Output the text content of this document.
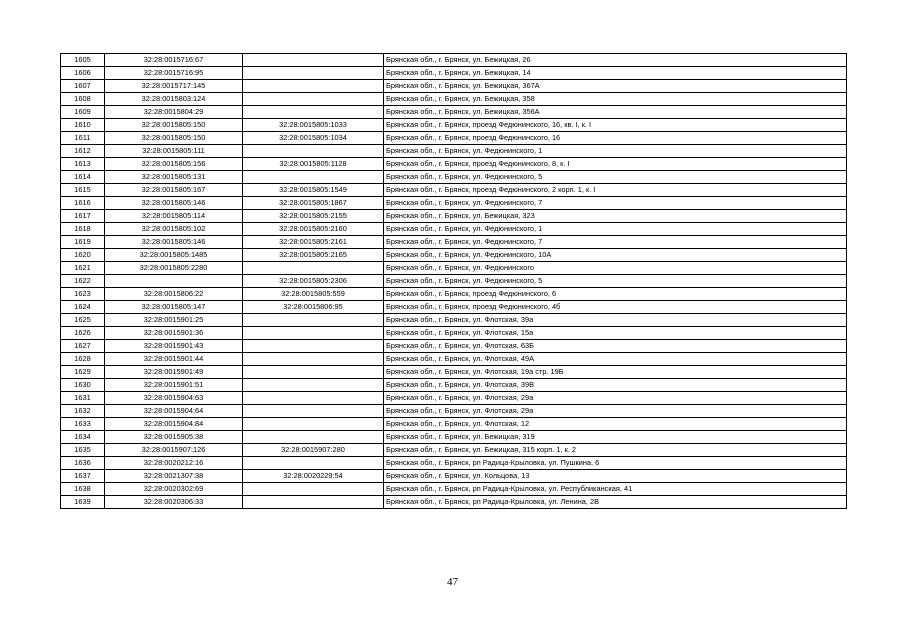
1605	32:28:0015716:67		Брянская обл., г. Брянск, ул. Бежицкая, 26
1606	32:28:0015716:95		Брянская обл., г. Брянск, ул. Бежицкая, 14
1607	32:28:0015717:145		Брянская обл., г. Брянск, ул. Бежицкая, 367А
1608	32:28:0015803:124		Брянская обл., г. Брянск, ул. Бежицкая, 358
1609	32:28:0015804:29		Брянская обл., г. Брянск, ул. Бежицкая, 356А
1610	32:28:0015805:150	32:28:0015805:1033	Брянская обл., г. Брянск, проезд Федюнинского, 16, кв. I, к. I
1611	32:28:0015805:150	32:28:0015805:1034	Брянская обл., г. Брянск, проезд Федюнинского, 16
1612	32:28:0015805:111		Брянская обл., г. Брянск, ул. Федюнинского, 1
1613	32:28:0015805:156	32:28:0015805:1128	Брянская обл., г. Брянск, проезд Федюнинского, 8, к. I
1614	32:28:0015805:131		Брянская обл., г. Брянск, ул. Федюнинского, 5
1615	32:28:0015805:167	32:28:0015805:1549	Брянская обл., г. Брянск, проезд Федюнинского, 2 корп. 1, к. I
1616	32:28:0015805:146	32:28:0015805:1867	Брянская обл., г. Брянск, ул. Федюнинского, 7
1617	32:28:0015805:114	32:28:0015805:2155	Брянская обл., г. Брянск, ул. Бежицкая, 323
1618	32:28:0015805:102	32:28:0015805:2160	Брянская обл., г. Брянск, ул. Федюнинского, 1
1619	32:28:0015805:146	32:28:0015805:2161	Брянская обл., г. Брянск, ул. Федюнинского, 7
1620	32:28:0015805:1485	32:28:0015805:2165	Брянская обл., г. Брянск, ул. Федюнинского, 10А
1621	32:28:0015805:2280		Брянская обл., г. Брянск, ул. Федюнинского
1622		32:28:0015805:2306	Брянская обл., г. Брянск, ул. Федюнинского, 5
1623	32:28:0015806:22	32:28:0015805:559	Брянская обл., г. Брянск, проезд Федюнинского, 6
1624	32:28:0015805:147	32:28:0015806:95	Брянская обл., г. Брянск, проезд Федюнинского, 4б
1625	32:28:0015901:25		Брянская обл., г. Брянск, ул. Флотская, 39а
1626	32:28:0015901:36		Брянская обл., г. Брянск, ул. Флотская, 15а
1627	32:28:0015901:43		Брянская обл., г. Брянск, ул. Флотская, 63Б
1628	32:28:0015901:44		Брянская обл., г. Брянск, ул. Флотская, 49А
1629	32:28:0015901:49		Брянская обл., г. Брянск, ул. Флотская, 19а стр. 19Б
1630	32:28:0015901:51		Брянская обл., г. Брянск, ул. Флотская, 39В
1631	32:28:0015904:63		Брянская обл., г. Брянск, ул. Флотская, 29а
1632	32:28:0015904:64		Брянская обл., г. Брянск, ул. Флотская, 29а
1633	32:28:0015904:84		Брянская обл., г. Брянск, ул. Флотская, 12
1634	32:28:0015905:38		Брянская обл., г. Брянск, ул. Бежицкая, 319
1635	32:28:0015907:126	32:28:0015907:280	Брянская обл., г. Брянск, ул. Бежицкая, 315 корп. 1, к. 2
1636	32:28:0020212:16		Брянская обл., г. Брянск, рп Радица-Крыловка, ул. Пушкина, 6
1637	32:28:0021307:38	32:28:0020229:54	Брянская обл., г. Брянск, ул. Кольцова, 13
1638	32:28:0020302:69		Брянская обл., г. Брянск, рп Радица-Крыловка, ул. Республиканская, 41
1639	32:28:0020306:33		Брянская обл., г. Брянск, рп Радица-Крыловка, ул. Ленина, 2В
47
